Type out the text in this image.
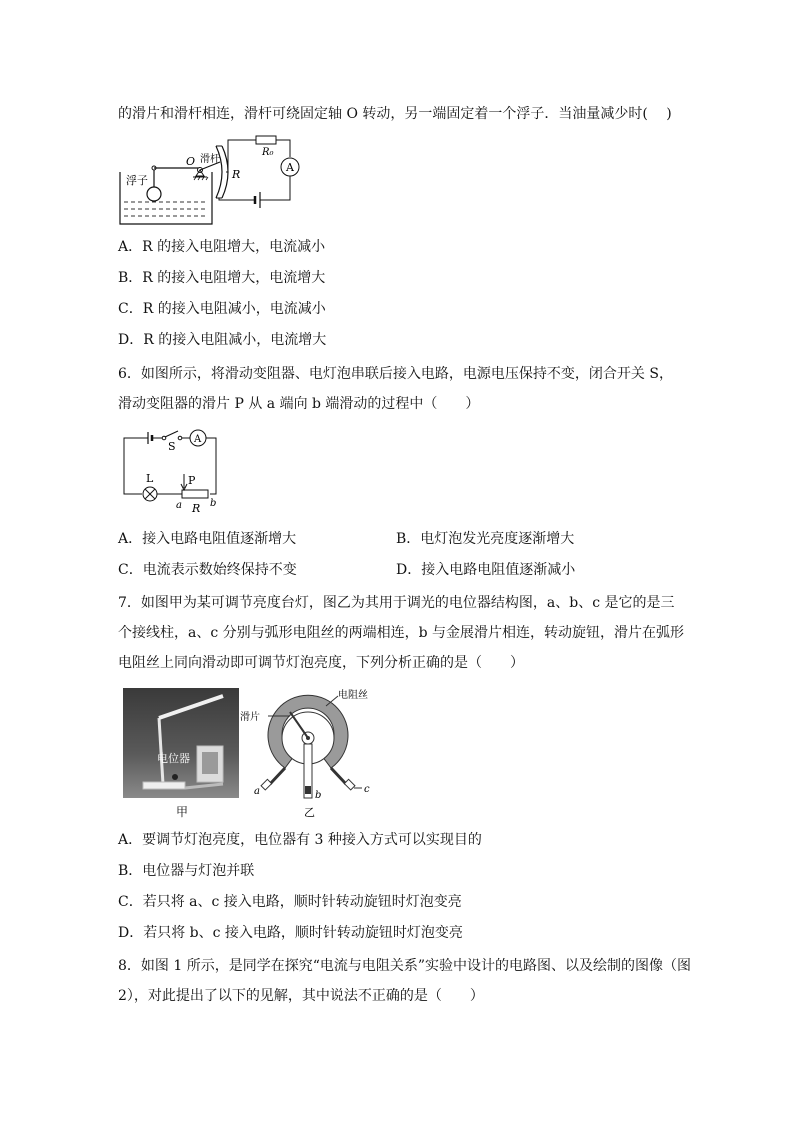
的滑片和滑杆相连，滑杆可绕固定轴 O 转动，另一端固定着一个浮子．当油量减少时(　 )
浮子
O 滑杆
R
R₀
A
A．R 的接入电阻增大，电流减小
B．R 的接入电阻增大，电流增大
C．R 的接入电阻减小，电流减小
D．R 的接入电阻减小，电流增大
6．如图所示，将滑动变阻器、电灯泡串联后接入电路，电源电压保持不变，闭合开关 S，
滑动变阻器的滑片 P 从 a 端向 b 端滑动的过程中（　　）
S
A
L	P
a R b
A．接入电路电阻值逐渐增大	B．电灯泡发光亮度逐渐增大
C．电流表示数始终保持不变	D．接入电路电阻值逐渐减小
7．如图甲为某可调节亮度台灯，图乙为其用于调光的电位器结构图，a、b、c 是它的是三
个接线柱，a、c 分别与弧形电阻丝的两端相连，b 与金展滑片相连，转动旋钮，滑片在弧形
电阻丝上同向滑动即可调节灯泡亮度，下列分析正确的是（　　）
电位器
甲
滑片
电阻丝
b
a	c
乙
A．要调节灯泡亮度，电位器有 3 种接入方式可以实现目的
B．电位器与灯泡并联
C．若只将 a、c 接入电路，顺时针转动旋钮时灯泡变亮
D．若只将 b、c 接入电路，顺时针转动旋钮时灯泡变亮
8．如图 1 所示，是同学在探究“电流与电阻关系”实验中设计的电路图、以及绘制的图像（图
2），对此提出了以下的见解，其中说法不正确的是（　　）
